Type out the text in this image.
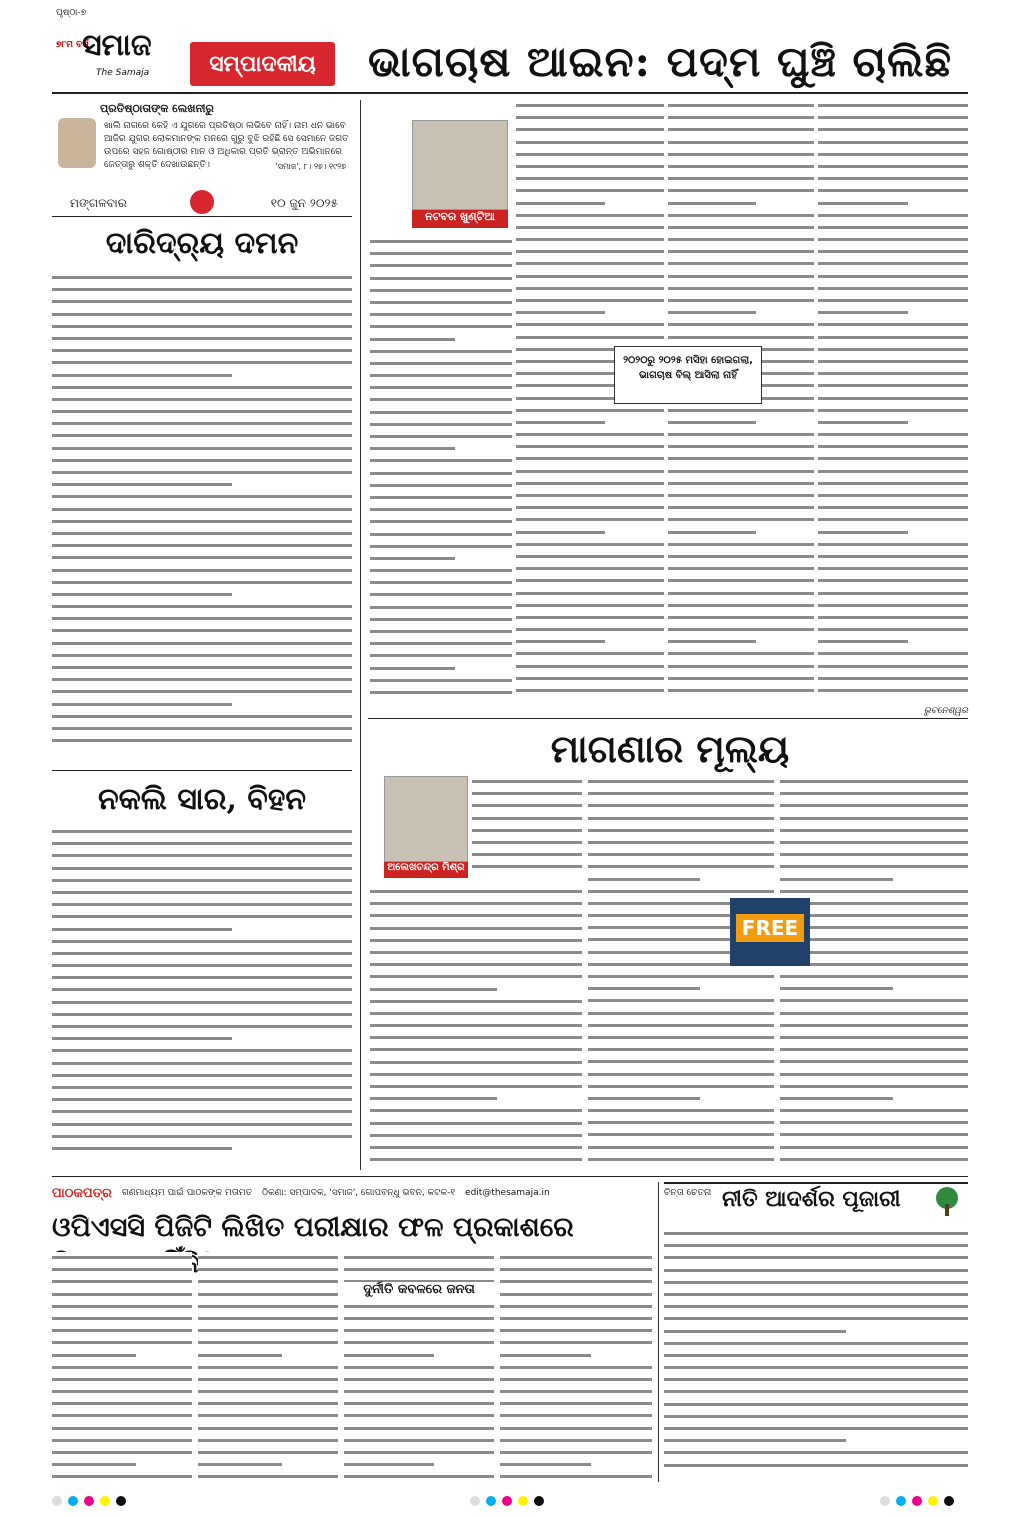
ପୃଷ୍ଠା-୭
୭୮ମ ବର୍ଷ
ସମାଜ
The Samaja	ସମ୍ପାଦକୀୟ	ଭାଗଚାଷ ଆଇନ: ପଦ୍ମ ଘୁଞ୍ଚି ଚାଲିଛି
ପ୍ରତିଷ୍ଠାତାଙ୍କ ଲେଖନୀରୁ
ଖାଲି ନାଗରେ କେହି ଏ ଯୁଗରେ ପ୍ରତିଷ୍ଠା ଲଭିବେ ନାହିଁ। ନାମ ଧନ ଭାବେ ଆଜିର ଯୁଗର ଲୋକମାନଙ୍କ ମନରେ ଗୁରୁ ବୁଝି ରହିଛି ସେ ସେମାନେ ଜଗତ ଉପରେ ସହଜ ଗୋଷ୍ଠୀର ମାନ ଓ ଅଧିକାର ପ୍ରତି ଭ୍ରାନ୍ତ ଅଭିମାନରେ ଜେତ୍ତାରୁ ଶକ୍ତି ଦେଖାଉଛନ୍ତି।	'ସମାଜ', ୮। ୨୭। ୧୯୨୭
ମଙ୍ଗଳବାର	୧୦ ଜୁନ ୨୦୨୫
ଦାରିଦ୍ର୍ୟ ଦମନ
ନକଲି ସାର, ବିହନ
ନଟବର ଖୁଣ୍ଟିଆ
୨୦୨୦ରୁ ୨୦୨୫ ମସିହା ହୋଇଗଲା, ଭାଗଚାଷ ବିଲ୍ ଆସିଲା ନାହିଁ
ଭୁବନେଶ୍ୱର
ମାଗଣାର ମୂଲ୍ୟ
ଅଲେଖଚନ୍ଦ୍ର ମିଶ୍ର
FREE
ପାଠକପତ୍ର ଗଣମାଧ୍ୟମ ପାଇଁ ପାଠକଙ୍କ ମତାମତ ଠିକଣା: ସମ୍ପାଦକ, 'ସମାଜ', ଗୋପବନ୍ଧୁ ଭବନ, କଟକ-୧ edit@thesamaja.in
ଓପିଏସସି ପିଜିଟି ଲିଖିତ ପରୀକ୍ଷାର ଫଳ ପ୍ରକାଶରେ
ଦୁର୍ନୀତି କବଳରେ ଜନତା
ଚିନ୍ତା ଚେତନା ନୀତି ଆଦର୍ଶର ପୂଜାରୀ
